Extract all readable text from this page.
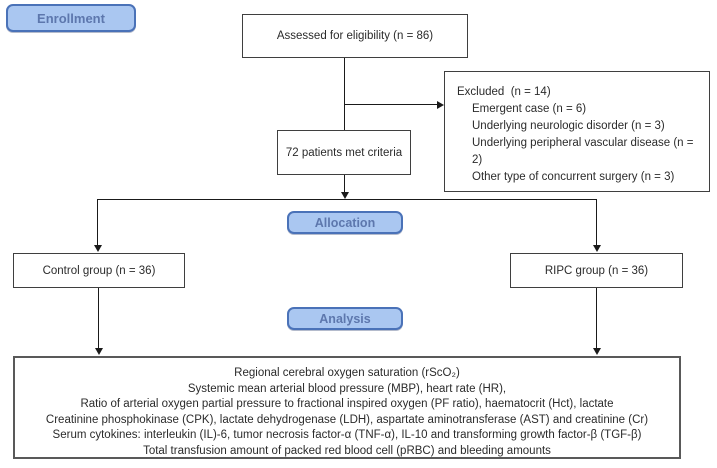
Enrollment
Assessed for eligibility (n = 86)
Excluded  (n = 14)
Emergent case (n = 6)
Underlying neurologic disorder (n = 3)
Underlying peripheral vascular disease (n = 2)
Other type of concurrent surgery (n = 3)
72 patients met criteria
Allocation
Control group (n = 36)	RIPC group (n = 36)
Analysis
Regional cerebral oxygen saturation (rScO₂)
Systemic mean arterial blood pressure (MBP), heart rate (HR),
Ratio of arterial oxygen partial pressure to fractional inspired oxygen (PF ratio), haematocrit (Hct), lactate
Creatinine phosphokinase (CPK), lactate dehydrogenase (LDH), aspartate aminotransferase (AST) and creatinine (Cr)
Serum cytokines: interleukin (IL)-6, tumor necrosis factor-α (TNF-α), IL-10 and transforming growth factor-β (TGF-β)
Total transfusion amount of packed red blood cell (pRBC) and bleeding amounts
